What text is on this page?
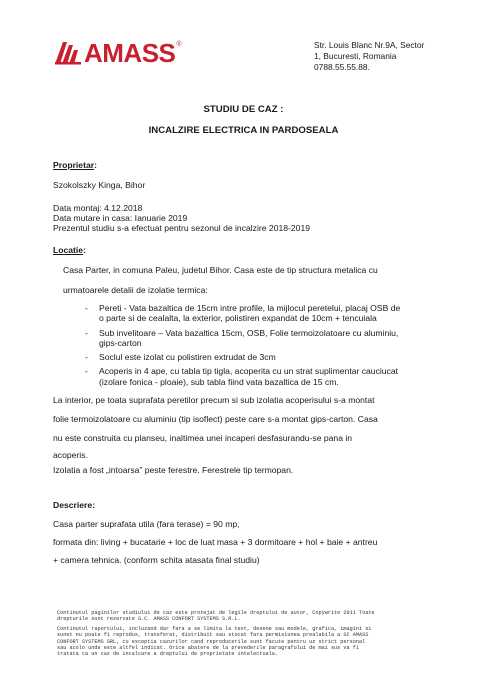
AMASS ®	Str. Louis Blanc Nr.9A, Sector
1, Bucuresti, Romania
0788.55.55.88.
STUDIU DE CAZ :
INCALZIRE ELECTRICA IN PARDOSEALA
Proprietar:
Szokolszky Kinga, Bihor
Data montaj: 4.12.2018
Data mutare in casa: Ianuarie 2019
Prezentul studiu s-a efectuat pentru sezonul de incalzire 2018-2019
Locatie:
Casa Parter, in comuna Paleu, judetul Bihor. Casa este de tip structura metalica cu
urmatoarele detalii de izolatie termica:
- Pereti - Vata bazaltica de 15cm intre profile, la mijlocul peretelui, placaj OSB de
o parte si de cealalta, la exterior, polistiren expandat de 10cm + tencuiala
- Sub invelitoare – Vata bazaltica 15cm, OSB, Folie termoizolatoare cu aluminiu,
gips-carton
- Soclul este izolat cu polistiren extrudat de 3cm
- Acoperis in 4 ape, cu tabla tip tigla, acoperita cu un strat suplimentar cauciucat
(izolare fonica - ploaie), sub tabla fiind vata bazaltica de 15 cm.
La interior, pe toata suprafata peretilor precum si sub izolatia acoperisului s-a montat
folie termoizolatoare cu aluminiu (tip isoflect) peste care s-a montat gips-carton. Casa
nu este construita cu planseu, inaltimea unei incaperi desfasurandu-se pana in
acoperis.
Izolatia a fost „intoarsa” peste ferestre. Ferestrele tip termopan.
Descriere:
Casa parter suprafata utila (fara terase) = 90 mp,
formata din: living + bucatarie + loc de luat masa + 3 dormitoare + hol + baie + antreu
+ camera tehnica. (conform schita atasata final studiu)
Continutul paginilor studiului de caz este protejat de legile dreptului de autor, Copywrite 2011 Toate
drepturile sunt rezervate S.C. AMASS CONFORT SYSTEMS S.R.L.
Continutul raportului, incluzand dar fara a se limita la text, desene sau modele, grafica, imagini si
sunet nu poate fi reprodus, transferat, distribuit sau stocat fara permisiunea prealabila a SC AMASS
CONFORT SYSTEMS SRL, cu exceptia cazurilor cand reproducerile sunt facute pentru uz strict personal
sau acolo unde este altfel indicat. Orice abatere de la prevederile paragrafului de mai sus va fi
tratata ca un caz de incalcare a dreptului de proprietate intelectuala.
